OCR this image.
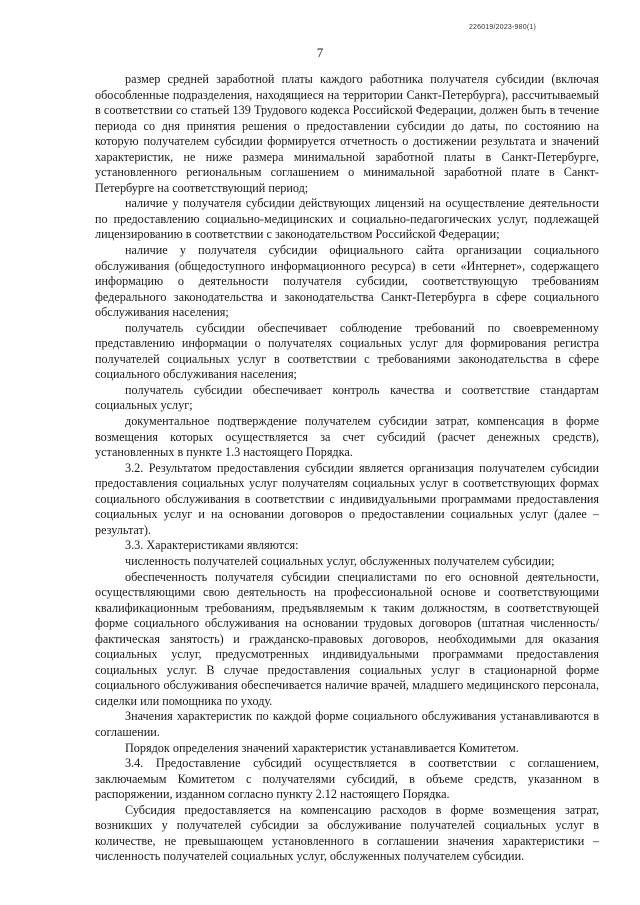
226019/2023-980(1)
7

размер средней заработной платы каждого работника получателя субсидии (включая обособленные подразделения, находящиеся на территории Санкт-Петербурга), рассчитываемый в соответствии со статьей 139 Трудового кодекса Российской Федерации, должен быть в течение периода со дня принятия решения о предоставлении субсидии до даты, по состоянию на которую получателем субсидии формируется отчетность о достижении результата и значений характеристик, не ниже размера минимальной заработной платы в Санкт-Петербурге, установленного региональным соглашением о минимальной заработной плате в Санкт-Петербурге на соответствующий период;

наличие у получателя субсидии действующих лицензий на осуществление деятельности по предоставлению социально-медицинских и социально-педагогических услуг, подлежащей лицензированию в соответствии с законодательством Российской Федерации;

наличие у получателя субсидии официального сайта организации социального обслуживания (общедоступного информационного ресурса) в сети «Интернет», содержащего информацию о деятельности получателя субсидии, соответствующую требованиям федерального законодательства и законодательства Санкт-Петербурга в сфере социального обслуживания населения;

получатель субсидии обеспечивает соблюдение требований по своевременному представлению информации о получателях социальных услуг для формирования регистра получателей социальных услуг в соответствии с требованиями законодательства в сфере социального обслуживания населения;

получатель субсидии обеспечивает контроль качества и соответствие стандартам социальных услуг;

документальное подтверждение получателем субсидии затрат, компенсация в форме возмещения которых осуществляется за счет субсидий (расчет денежных средств), установленных в пункте 1.3 настоящего Порядка.

3.2. Результатом предоставления субсидии является организация получателем субсидии предоставления социальных услуг получателям социальных услуг в соответствующих формах социального обслуживания в соответствии с индивидуальными программами предоставления социальных услуг и на основании договоров о предоставлении социальных услуг (далее – результат).

3.3. Характеристиками являются:

численность получателей социальных услуг, обслуженных получателем субсидии;

обеспеченность получателя субсидии специалистами по его основной деятельности, осуществляющими свою деятельность на профессиональной основе и соответствующими квалификационным требованиям, предъявляемым к таким должностям, в соответствующей форме социального обслуживания на основании трудовых договоров (штатная численность/фактическая занятость) и гражданско-правовых договоров, необходимыми для оказания социальных услуг, предусмотренных индивидуальными программами предоставления социальных услуг. В случае предоставления социальных услуг в стационарной форме социального обслуживания обеспечивается наличие врачей, младшего медицинского персонала, сиделки или помощника по уходу.

Значения характеристик по каждой форме социального обслуживания устанавливаются в соглашении.

Порядок определения значений характеристик устанавливается Комитетом.

3.4. Предоставление субсидий осуществляется в соответствии с соглашением, заключаемым Комитетом с получателями субсидий, в объеме средств, указанном в распоряжении, изданном согласно пункту 2.12 настоящего Порядка.

Субсидия предоставляется на компенсацию расходов в форме возмещения затрат, возникших у получателей субсидии за обслуживание получателей социальных услуг в количестве, не превышающем установленного в соглашении значения характеристики – численность получателей социальных услуг, обслуженных получателем субсидии.
